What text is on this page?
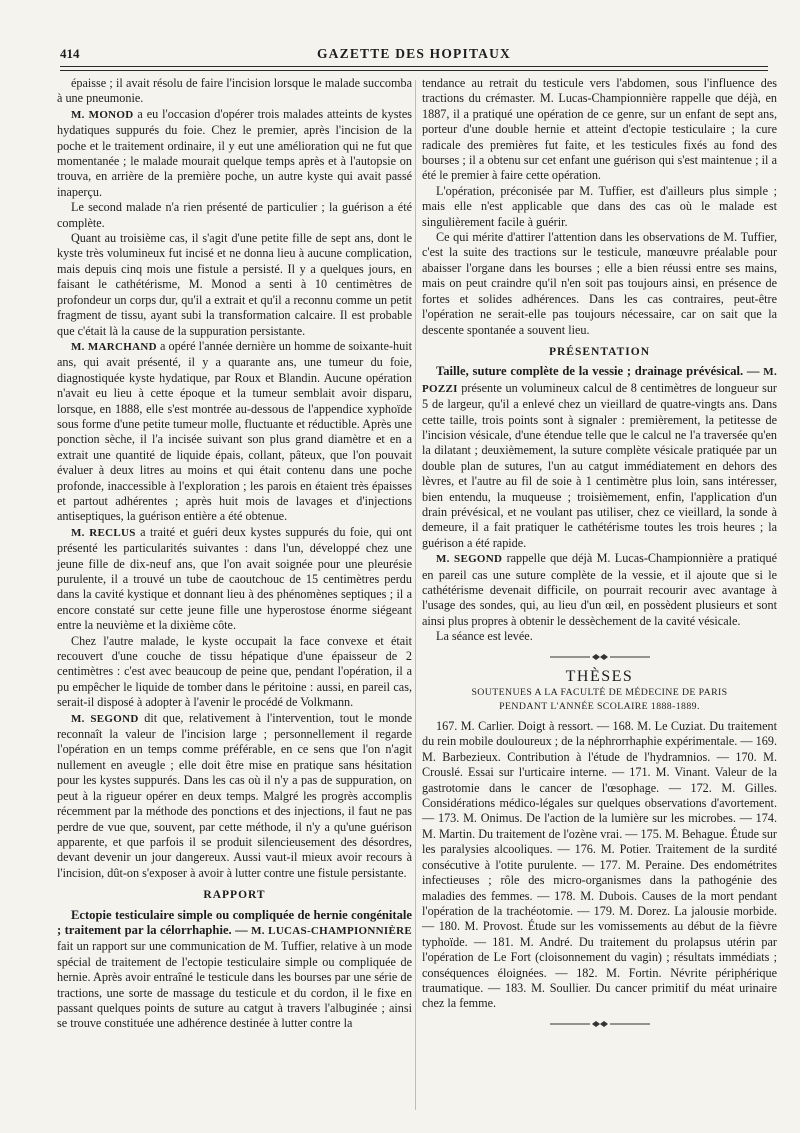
414	GAZETTE DES HOPITAUX

épaisse ; il avait résolu de faire l'incision lorsque le malade succomba à une pneumonie.

M. MONOD a eu l'occasion d'opérer trois malades atteints de kystes hydatiques suppurés du foie. Chez le premier, après l'incision de la poche et le traitement ordinaire, il y eut une amélioration qui ne fut que momentanée ; le malade mourait quelque temps après et à l'autopsie on trouva, en arrière de la première poche, un autre kyste qui avait passé inaperçu.

Le second malade n'a rien présenté de particulier ; la guérison a été complète.

Quant au troisième cas, il s'agit d'une petite fille de sept ans, dont le kyste très volumineux fut incisé et ne donna lieu à aucune complication, mais depuis cinq mois une fistule a persisté. Il y a quelques jours, en faisant le cathétérisme, M. Monod a senti à 10 centimètres de profondeur un corps dur, qu'il a extrait et qu'il a reconnu comme un petit fragment de tissu, ayant subi la transformation calcaire. Il est probable que c'était là la cause de la suppuration persistante.

M. MARCHAND a opéré l'année dernière un homme de soixante-huit ans, qui avait présenté, il y a quarante ans, une tumeur du foie, diagnostiquée kyste hydatique, par Roux et Blandin. Aucune opération n'avait eu lieu à cette époque et la tumeur semblait avoir disparu, lorsque, en 1888, elle s'est montrée au-dessous de l'appendice xyphoïde sous forme d'une petite tumeur molle, fluctuante et réductible. Après une ponction sèche, il l'a incisée suivant son plus grand diamètre et en a extrait une quantité de liquide épais, collant, pâteux, que l'on pouvait évaluer à deux litres au moins et qui était contenu dans une poche profonde, inaccessible à l'exploration ; les parois en étaient très épaisses et partout adhérentes ; après huit mois de lavages et d'injections antiseptiques, la guérison entière a été obtenue.

M. RECLUS a traité et guéri deux kystes suppurés du foie, qui ont présenté les particularités suivantes : dans l'un, développé chez une jeune fille de dix-neuf ans, que l'on avait soignée pour une pleurésie purulente, il a trouvé un tube de caoutchouc de 15 centimètres perdu dans la cavité kystique et donnant lieu à des phénomènes septiques ; il a encore constaté sur cette jeune fille une hyperostose énorme siégeant entre la neuvième et la dixième côte.

Chez l'autre malade, le kyste occupait la face convexe et était recouvert d'une couche de tissu hépatique d'une épaisseur de 2 centimètres : c'est avec beaucoup de peine que, pendant l'opération, il a pu empêcher le liquide de tomber dans le péritoine : aussi, en pareil cas, serait-il disposé à adopter à l'avenir le procédé de Volkmann.

M. SEGOND dit que, relativement à l'intervention, tout le monde reconnaît la valeur de l'incision large ; personnellement il regarde l'opération en un temps comme préférable, en ce sens que l'on n'agit nullement en aveugle ; elle doit être mise en pratique sans hésitation pour les kystes suppurés. Dans les cas où il n'y a pas de suppuration, on peut à la rigueur opérer en deux temps. Malgré les progrès accomplis récemment par la méthode des ponctions et des injections, il faut ne pas perdre de vue que, souvent, par cette méthode, il n'y a qu'une guérison apparente, et que parfois il se produit silencieusement des désordres, devant devenir un jour dangereux. Aussi vaut-il mieux avoir recours à l'incision, dût-on s'exposer à avoir à lutter contre une fistule persistante.

RAPPORT

Ectopie testiculaire simple ou compliquée de hernie congénitale ; traitement par la célorrhaphie. — M. LUCAS-CHAMPIONNIÈRE fait un rapport sur une communication de M. Tuffier, relative à un mode spécial de traitement de l'ectopie testiculaire simple ou compliquée de hernie. Après avoir entraîné le testicule dans les bourses par une série de tractions, une sorte de massage du testicule et du cordon, il le fixe en passant quelques points de suture au catgut à travers l'albuginée ; ainsi se trouve constituée une adhérence destinée à lutter contre la

tendance au retrait du testicule vers l'abdomen, sous l'influence des tractions du crémaster. M. Lucas-Championnière rappelle que déjà, en 1887, il a pratiqué une opération de ce genre, sur un enfant de sept ans, porteur d'une double hernie et atteint d'ectopie testiculaire ; la cure radicale des premières fut faite, et les testicules fixés au fond des bourses ; il a obtenu sur cet enfant une guérison qui s'est maintenue ; il a été le premier à faire cette opération.

L'opération, préconisée par M. Tuffier, est d'ailleurs plus simple ; mais elle n'est applicable que dans des cas où le malade est singulièrement facile à guérir.

Ce qui mérite d'attirer l'attention dans les observations de M. Tuffier, c'est la suite des tractions sur le testicule, manœuvre préalable pour abaisser l'organe dans les bourses ; elle a bien réussi entre ses mains, mais on peut craindre qu'il n'en soit pas toujours ainsi, en présence de fortes et solides adhérences. Dans les cas contraires, peut-être l'opération ne serait-elle pas toujours nécessaire, car on sait que la descente spontanée a souvent lieu.

PRÉSENTATION

Taille, suture complète de la vessie ; drainage prévésical. — M. POZZI présente un volumineux calcul de 8 centimètres de longueur sur 5 de largeur, qu'il a enlevé chez un vieillard de quatre-vingts ans. Dans cette taille, trois points sont à signaler : premièrement, la petitesse de l'incision vésicale, d'une étendue telle que le calcul ne l'a traversée qu'en la dilatant ; deuxièmement, la suture complète vésicale pratiquée par un double plan de sutures, l'un au catgut immédiatement en dehors des lèvres, et l'autre au fil de soie à 1 centimètre plus loin, sans intéresser, bien entendu, la muqueuse ; troisièmement, enfin, l'application d'un drain prévésical, et ne voulant pas utiliser, chez ce vieillard, la sonde à demeure, il a fait pratiquer le cathétérisme toutes les trois heures ; la guérison a été rapide.

M. SEGOND rappelle que déjà M. Lucas-Championnière a pratiqué en pareil cas une suture complète de la vessie, et il ajoute que si le cathétérisme devenait difficile, on pourrait recourir avec avantage à l'usage des sondes, qui, au lieu d'un œil, en possèdent plusieurs et sont ainsi plus propres à obtenir le dessèchement de la cavité vésicale.

La séance est levée.

THÈSES
SOUTENUES A LA FACULTÉ DE MÉDECINE DE PARIS
PENDANT L'ANNÉE SCOLAIRE 1888-1889.

167. M. Carlier. Doigt à ressort. — 168. M. Le Cuziat. Du traitement du rein mobile douloureux ; de la néphrorrhaphie expérimentale. — 169. M. Barbezieux. Contribution à l'étude de l'hydramnios. — 170. M. Crouslé. Essai sur l'urticaire interne. — 171. M. Vinant. Valeur de la gastrotomie dans le cancer de l'œsophage. — 172. M. Gilles. Considérations médico-légales sur quelques observations d'avortement. — 173. M. Onimus. De l'action de la lumière sur les microbes. — 174. M. Martin. Du traitement de l'ozène vrai. — 175. M. Behague. Étude sur les paralysies alcooliques. — 176. M. Potier. Traitement de la surdité consécutive à l'otite purulente. — 177. M. Peraine. Des endométrites infectieuses ; rôle des micro-organismes dans la pathogénie des maladies des femmes. — 178. M. Dubois. Causes de la mort pendant l'opération de la trachéotomie. — 179. M. Dorez. La jalousie morbide. — 180. M. Provost. Étude sur les vomissements au début de la fièvre typhoïde. — 181. M. André. Du traitement du prolapsus utérin par l'opération de Le Fort (cloisonnement du vagin) ; résultats immédiats ; conséquences éloignées. — 182. M. Fortin. Névrite périphérique traumatique. — 183. M. Soullier. Du cancer primitif du méat urinaire chez la femme.
